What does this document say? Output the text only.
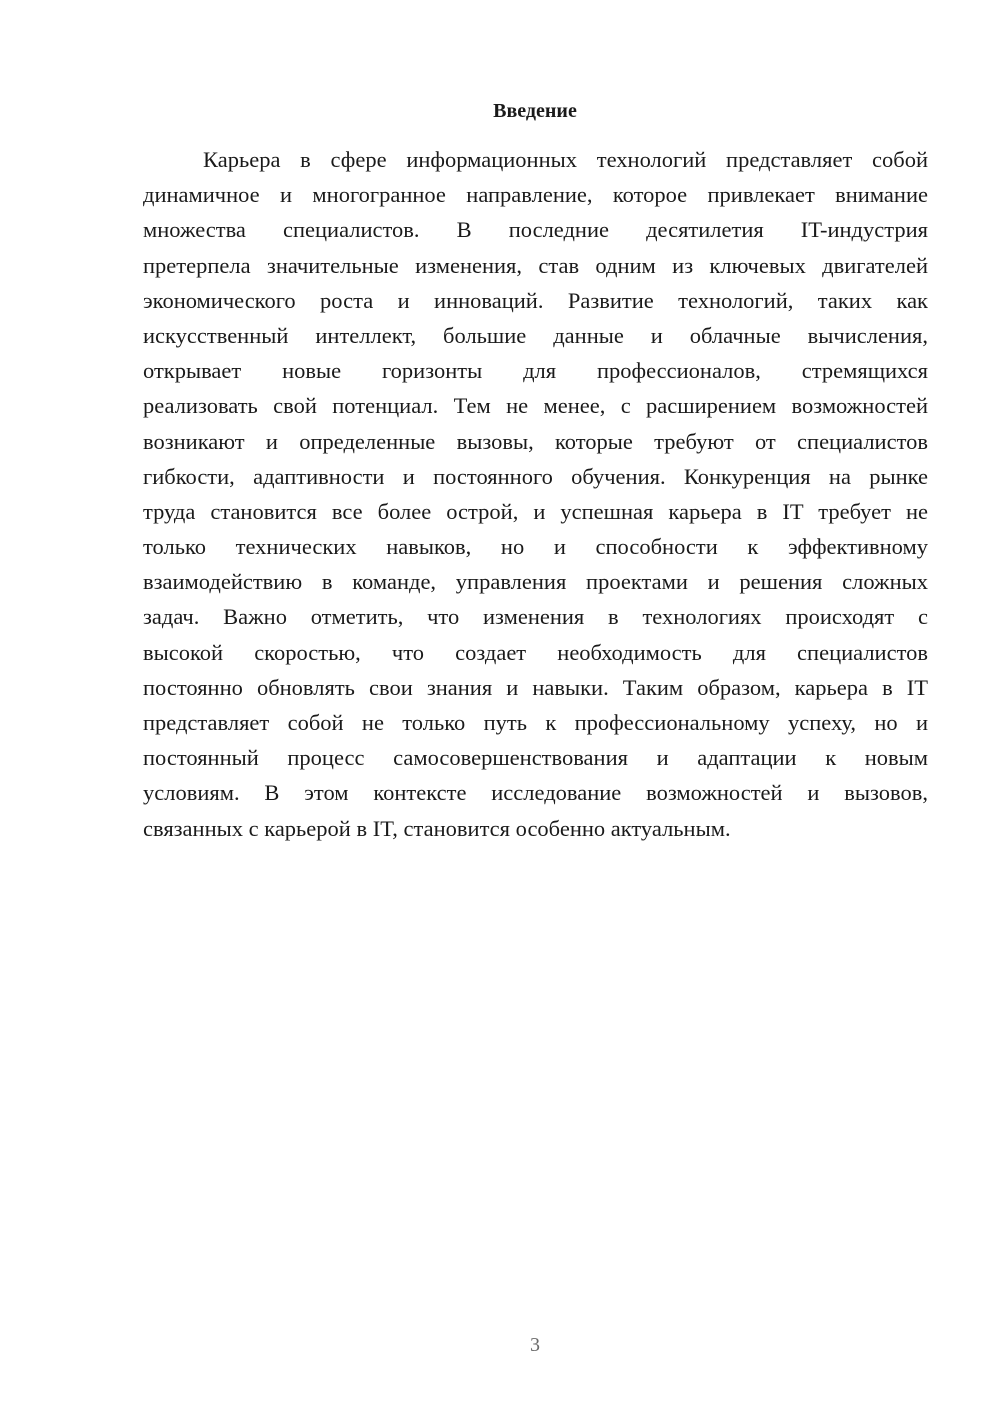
Введение
Карьера в сфере информационных технологий представляет собой
динамичное и многогранное направление, которое привлекает внимание
множества специалистов. В последние десятилетия IT-индустрия
претерпела значительные изменения, став одним из ключевых двигателей
экономического роста и инноваций. Развитие технологий, таких как
искусственный интеллект, большие данные и облачные вычисления,
открывает новые горизонты для профессионалов, стремящихся
реализовать свой потенциал. Тем не менее, с расширением возможностей
возникают и определенные вызовы, которые требуют от специалистов
гибкости, адаптивности и постоянного обучения. Конкуренция на рынке
труда становится все более острой, и успешная карьера в IT требует не
только технических навыков, но и способности к эффективному
взаимодействию в команде, управления проектами и решения сложных
задач. Важно отметить, что изменения в технологиях происходят с
высокой скоростью, что создает необходимость для специалистов
постоянно обновлять свои знания и навыки. Таким образом, карьера в IT
представляет собой не только путь к профессиональному успеху, но и
постоянный процесс самосовершенствования и адаптации к новым
условиям. В этом контексте исследование возможностей и вызовов,
связанных с карьерой в IT, становится особенно актуальным.
3
